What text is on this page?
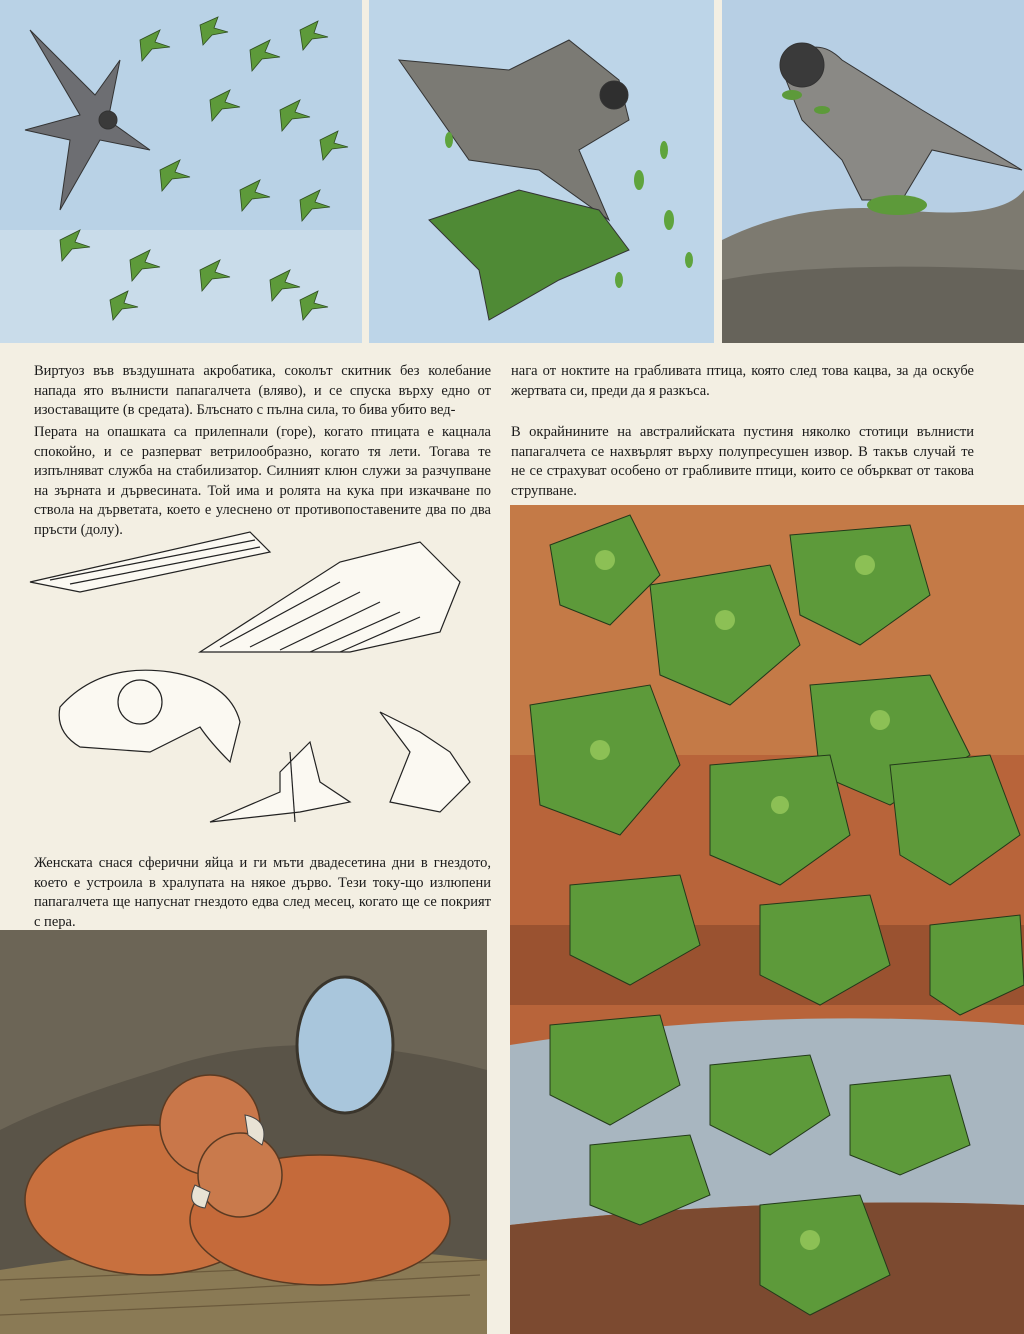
Виртуоз във въздушната акробатика, соколът скитник без колебание напада ято вълнисти папагалчета (вляво), и се спуска върху едно от изоставащите (в средата). Блъснато с пълна сила, то бива убито вед-

нага от ноктите на грабливата птица, която след това кацва, за да оскубе жертвата си, преди да я разкъса.

Перата на опашката са прилепнали (горе), когато птицата е кацнала спокойно, и се разперват ветрилообразно, когато тя лети. Тогава те изпълняват служба на стабилизатор. Силният клюн служи за разчупване на зърната и дървесината. Той има и ролята на кука при изкачване по ствола на дърветата, което е улеснено от противопоставените два по два пръсти (долу).

В окрайнините на австралийската пустиня няколко стотици вълнисти папагалчета се нахвърлят върху полупресушен извор. В такъв случай те не се страхуват особено от грабливите птици, които се объркват от такова струпване.

Женската снася сферични яйца и ги мъти двадесетина дни в гнездото, което е устроила в хралупата на някое дърво. Тези току-що излюпени папагалчета ще напуснат гнездото едва след месец, когато ще се покрият с пера.
